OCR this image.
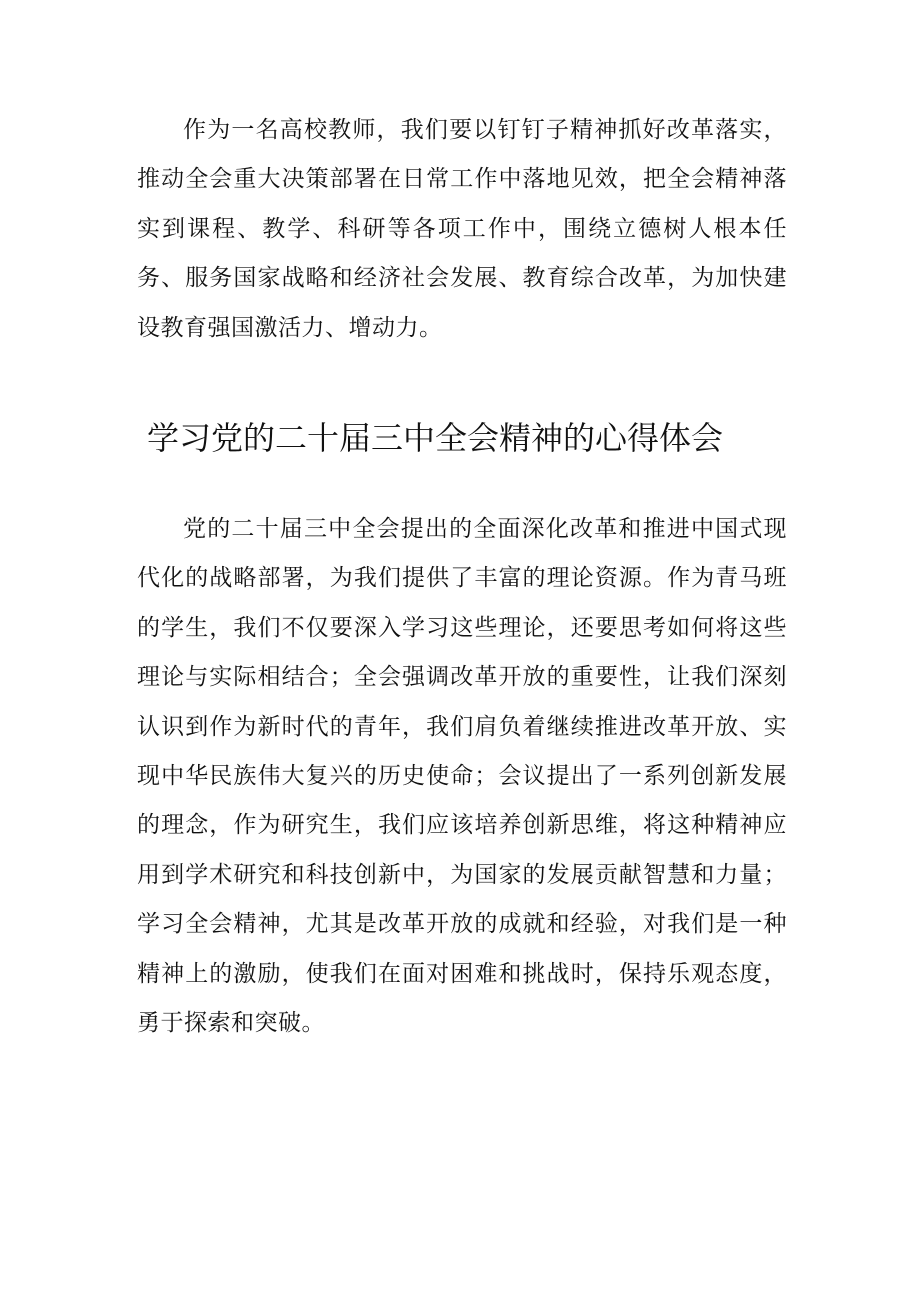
作为一名高校教师，我们要以钉钉子精神抓好改革落实，推动全会重大决策部署在日常工作中落地见效，把全会精神落实到课程、教学、科研等各项工作中，围绕立德树人根本任务、服务国家战略和经济社会发展、教育综合改革，为加快建设教育强国激活力、增动力。

学习党的二十届三中全会精神的心得体会

党的二十届三中全会提出的全面深化改革和推进中国式现代化的战略部署，为我们提供了丰富的理论资源。作为青马班的学生，我们不仅要深入学习这些理论，还要思考如何将这些理论与实际相结合；全会强调改革开放的重要性，让我们深刻认识到作为新时代的青年，我们肩负着继续推进改革开放、实现中华民族伟大复兴的历史使命；会议提出了一系列创新发展的理念，作为研究生，我们应该培养创新思维，将这种精神应用到学术研究和科技创新中，为国家的发展贡献智慧和力量；学习全会精神，尤其是改革开放的成就和经验，对我们是一种精神上的激励，使我们在面对困难和挑战时，保持乐观态度，勇于探索和突破。
